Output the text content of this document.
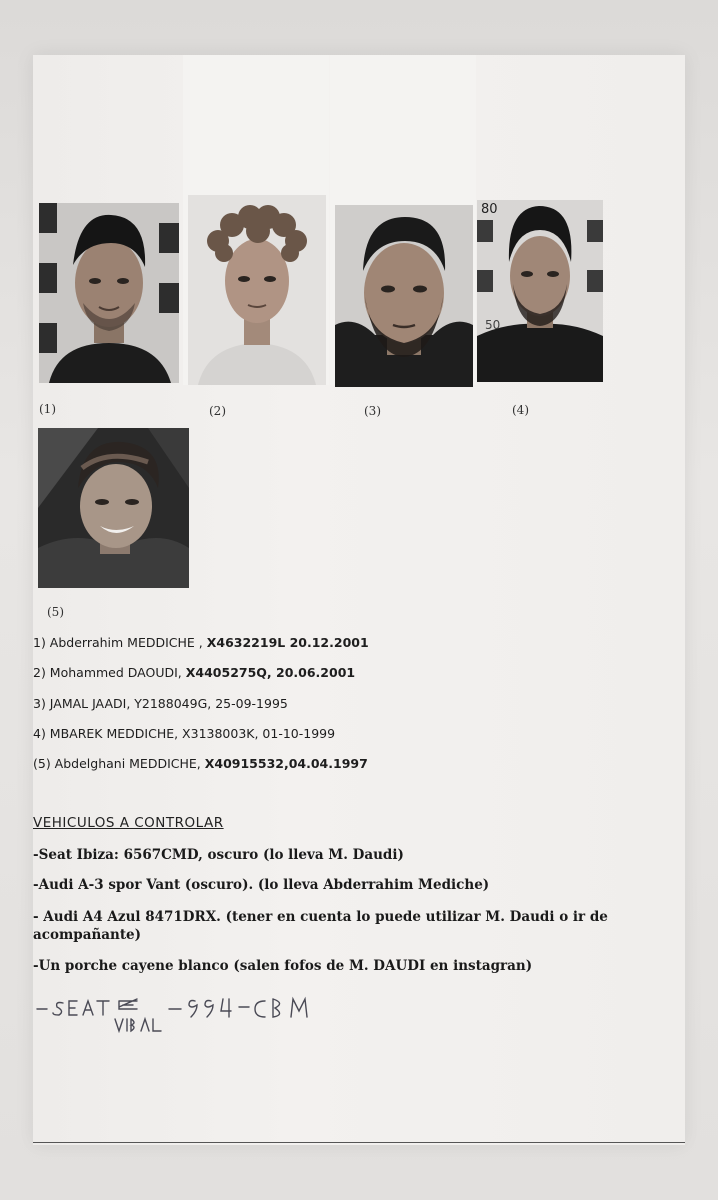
(1)	(2)	(3)
80
50
(4)
(5)
1) Abderrahim MEDDICHE , X4632219L 20.12.2001
2) Mohammed DAOUDI, X4405275Q, 20.06.2001
3) JAMAL JAADI, Y2188049G, 25-09-1995
4) MBAREK MEDDICHE, X3138003K, 01-10-1999
(5) Abdelghani MEDDICHE, X40915532,04.04.1997
VEHICULOS A CONTROLAR
-Seat Ibiza: 6567CMD, oscuro (lo lleva M. Daudi)
-Audi A-3 spor Vant (oscuro). (lo lleva Abderrahim Mediche)
- Audi A4 Azul 8471DRX. (tener en cuenta lo puede utilizar M. Daudi o ir de acompañante)
-Un porche cayene blanco (salen fofos de M. DAUDI en instagran)
